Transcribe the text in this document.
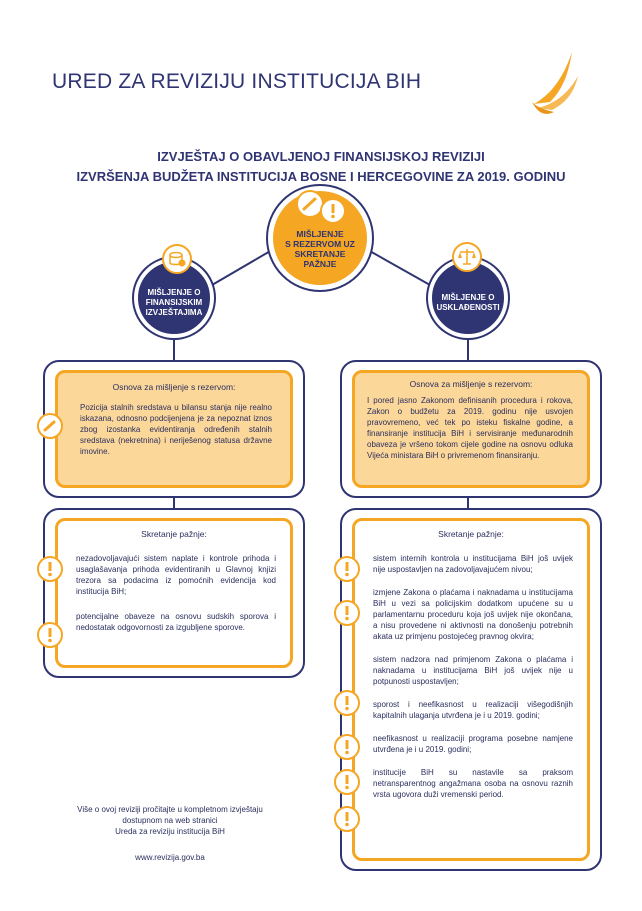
URED ZA REVIZIJU INSTITUCIJA BIH
IZVJEŠTAJ O OBAVLJENOJ FINANSIJSKOJ REVIZIJI
IZVRŠENJA BUDŽETA INSTITUCIJA BOSNE I HERCEGOVINE ZA 2019. GODINU
MIŠLJENJE O
FINANSIJSKIM
IZVJEŠTAJIMA
MIŠLJENJE
S REZERVOM UZ
SKRETANJE
PAŽNJE
MIŠLJENJE O
USKLAĐENOSTI
Osnova za mišljenje s rezervom:
Pozicija stalnih sredstava u bilansu stanja nije realno iskazana, odnosno podcijenjena je za nepoznat iznos zbog izostanka evidentiranja određenih stalnih sredstava (nekretnina) i neriješenog statusa državne imovine.
Osnova za mišljenje s rezervom:
I pored jasno Zakonom definisanih procedura i rokova, Zakon o budžetu za 2019. godinu nije usvojen pravovremeno, već tek po isteku fiskalne godine, a finansiranje institucija BiH i servisiranje međunarodnih obaveza je vršeno tokom cijele godine na osnovu odluka Vijeća ministara BiH o privremenom finansiranju.
Skretanje pažnje:
nezadovoljavajući sistem naplate i kontrole prihoda i usaglašavanja prihoda evidentiranih u Glavnoj knjizi trezora sa podacima iz pomoćnih evidencija kod institucija BiH;
potencijalne obaveze na osnovu sudskih sporova i nedostatak odgovornosti za izgubljene sporove.
Skretanje pažnje:
sistem internih kontrola u institucijama BiH još uvijek nije uspostavljen na zadovoljavajućem nivou;
izmjene Zakona o plaćama i naknadama u institucijama BiH u vezi sa policijskim dodatkom upućene su u parlamentarnu proceduru koja još uvijek nije okončana, a nisu provedene ni aktivnosti na donošenju potrebnih akata uz primjenu postojećeg pravnog okvira;
sistem nadzora nad primjenom Zakona o plaćama i naknadama u institucijama BiH još uvijek nije u potpunosti uspostavljen;
sporost i neefikasnost u realizaciji višegodišnjih kapitalnih ulaganja utvrđena je i u 2019. godini;
neefikasnost u realizaciji programa posebne namjene utvrđena je i u 2019. godini;
institucije BiH su nastavile sa praksom netransparentnog angažmana osoba na osnovu raznih vrsta ugovora duži vremenski period.
Više o ovoj reviziji pročitajte u kompletnom izvještaju
dostupnom na web stranici
Ureda za reviziju institucija BiH
www.revizija.gov.ba
